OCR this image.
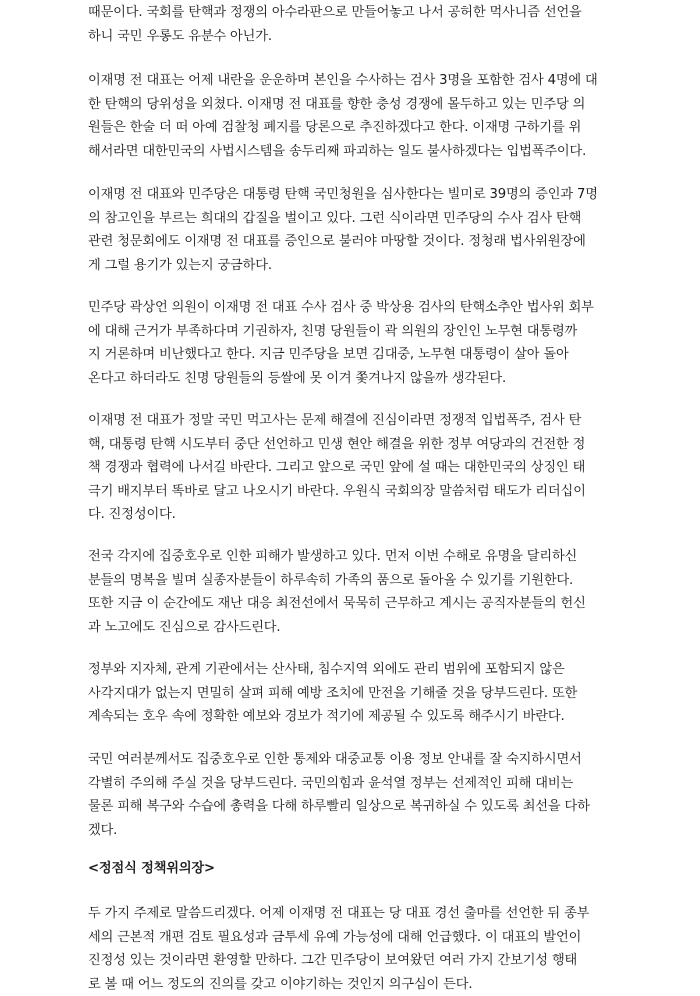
때문이다. 국회를 탄핵과 정쟁의 아수라판으로 만들어놓고 나서 공허한 먹사니즘 선언을
하니 국민 우롱도 유분수 아닌가.
이재명 전 대표는 어제 내란을 운운하며 본인을 수사하는 검사 3명을 포함한 검사 4명에 대
한 탄핵의 당위성을 외쳤다. 이재명 전 대표를 향한 충성 경쟁에 몰두하고 있는 민주당 의
원들은 한술 더 떠 아예 검찰청 폐지를 당론으로 추진하겠다고 한다. 이재명 구하기를 위
해서라면 대한민국의 사법시스템을 송두리째 파괴하는 일도 불사하겠다는 입법폭주이다.
이재명 전 대표와 민주당은 대통령 탄핵 국민청원을 심사한다는 빌미로 39명의 증인과 7명
의 참고인을 부르는 희대의 갑질을 벌이고 있다. 그런 식이라면 민주당의 수사 검사 탄핵
관련 청문회에도 이재명 전 대표를 증인으로 불러야 마땅할 것이다. 정청래 법사위원장에
게 그럴 용기가 있는지 궁금하다.
민주당 곽상언 의원이 이재명 전 대표 수사 검사 중 박상용 검사의 탄핵소추안 법사위 회부
에 대해 근거가 부족하다며 기권하자, 친명 당원들이 곽 의원의 장인인 노무현 대통령까
지 거론하며 비난했다고 한다. 지금 민주당을 보면 김대중, 노무현 대통령이 살아 돌아
온다고 하더라도 친명 당원들의 등쌀에 못 이겨 쫓겨나지 않을까 생각된다.
이재명 전 대표가 정말 국민 먹고사는 문제 해결에 진심이라면 정쟁적 입법폭주, 검사 탄
핵, 대통령 탄핵 시도부터 중단 선언하고 민생 현안 해결을 위한 정부 여당과의 건전한 정
책 경쟁과 협력에 나서길 바란다. 그리고 앞으로 국민 앞에 설 때는 대한민국의 상징인 태
극기 배지부터 똑바로 달고 나오시기 바란다. 우원식 국회의장 말씀처럼 태도가 리더십이
다. 진정성이다.
전국 각지에 집중호우로 인한 피해가 발생하고 있다. 먼저 이번 수해로 유명을 달리하신
분들의 명복을 빌며 실종자분들이 하루속히 가족의 품으로 돌아올 수 있기를 기원한다.
또한 지금 이 순간에도 재난 대응 최전선에서 묵묵히 근무하고 계시는 공직자분들의 헌신
과 노고에도 진심으로 감사드린다.
정부와 지자체, 관계 기관에서는 산사태, 침수지역 외에도 관리 범위에 포함되지 않은
사각지대가 없는지 면밀히 살펴 피해 예방 조치에 만전을 기해줄 것을 당부드린다. 또한
계속되는 호우 속에 정확한 예보와 경보가 적기에 제공될 수 있도록 해주시기 바란다.
국민 여러분께서도 집중호우로 인한 통제와 대중교통 이용 정보 안내를 잘 숙지하시면서
각별히 주의해 주실 것을 당부드린다. 국민의힘과 윤석열 정부는 선제적인 피해 대비는
물론 피해 복구와 수습에 총력을 다해 하루빨리 일상으로 복귀하실 수 있도록 최선을 다하
겠다.
<정점식 정책위의장>
두 가지 주제로 말씀드리겠다. 어제 이재명 전 대표는 당 대표 경선 출마를 선언한 뒤 종부
세의 근본적 개편 검토 필요성과 금투세 유예 가능성에 대해 언급했다. 이 대표의 발언이
진정성 있는 것이라면 환영할 만하다. 그간 민주당이 보여왔던 여러 가지 간보기성 행태
로 볼 때 어느 정도의 진의를 갖고 이야기하는 것인지 의구심이 든다.
